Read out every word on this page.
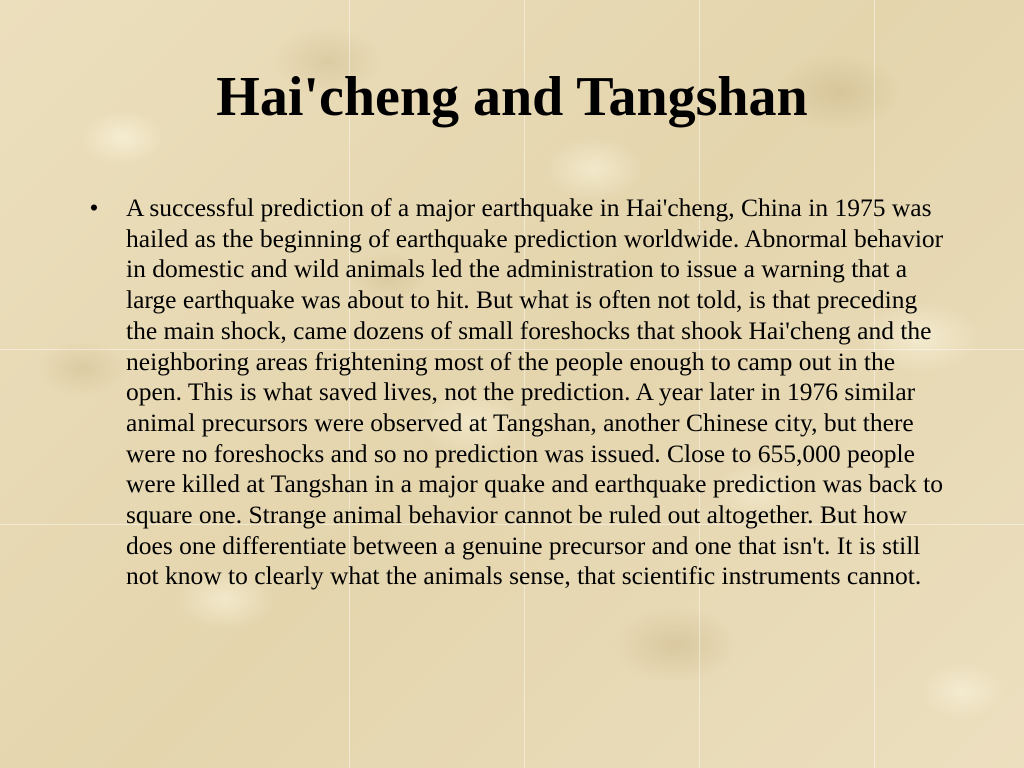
Hai'cheng and Tangshan
• A successful prediction of a major earthquake in Hai'cheng, China in 1975 was hailed as the beginning of earthquake prediction worldwide. Abnormal behavior in domestic and wild animals led the administration to issue a warning that a large earthquake was about to hit. But what is often not told, is that preceding the main shock, came dozens of small foreshocks that shook Hai'cheng and the neighboring areas frightening most of the people enough to camp out in the open. This is what saved lives, not the prediction. A year later in 1976 similar animal precursors were observed at Tangshan, another Chinese city, but there were no foreshocks and so no prediction was issued. Close to 655,000 people were killed at Tangshan in a major quake and earthquake prediction was back to square one. Strange animal behavior cannot be ruled out altogether. But how does one differentiate between a genuine precursor and one that isn't. It is still not know to clearly what the animals sense, that scientific instruments cannot.
